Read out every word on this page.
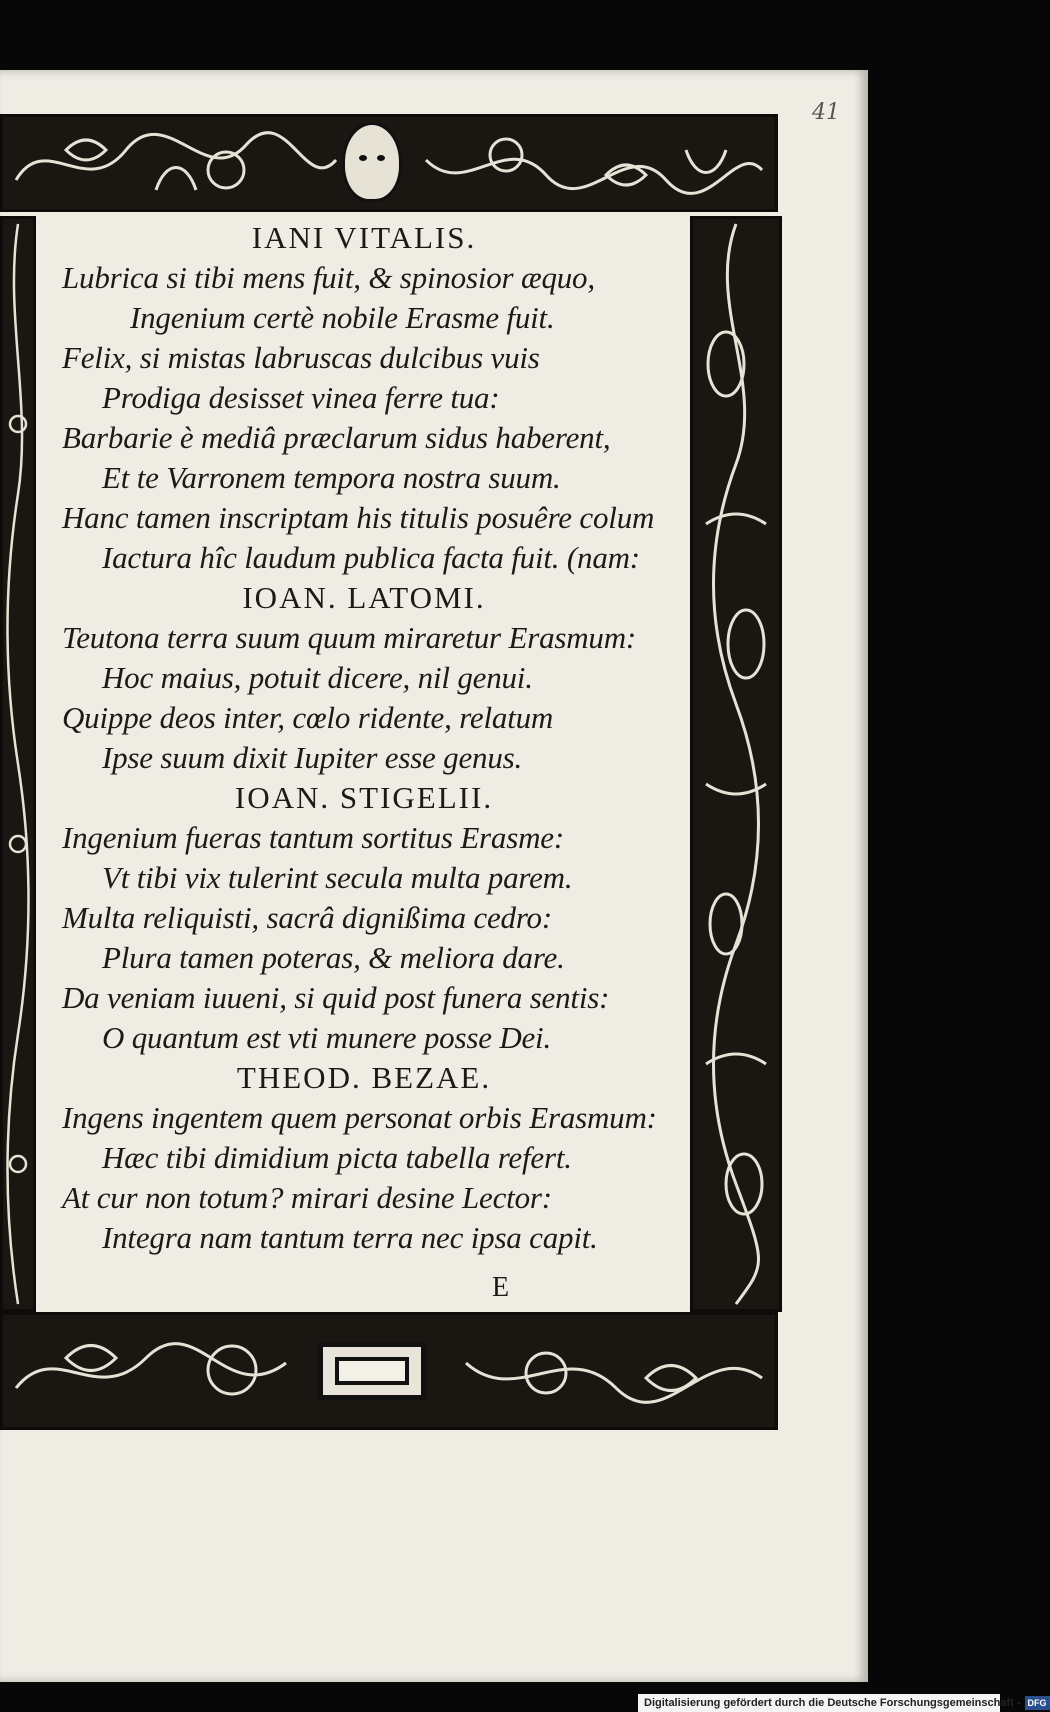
41
IANI VITALIS.
Lubrica si tibi mens fuit, & spinosior æquo,
Ingenium certè nobile Erasme fuit.
Felix, si mistas labruscas dulcibus vuis
Prodiga desisset vinea ferre tua:
Barbarie è mediâ præclarum sidus haberent,
Et te Varronem tempora nostra suum.
Hanc tamen inscriptam his titulis posuêre colum
Iactura hîc laudum publica facta fuit. (nam:
IOAN. LATOMI.
Teutona terra suum quum miraretur Erasmum:
Hoc maius, potuit dicere, nil genui.
Quippe deos inter, cœlo ridente, relatum
Ipse suum dixit Iupiter esse genus.
IOAN. STIGELII.
Ingenium fueras tantum sortitus Erasme:
Vt tibi vix tulerint secula multa parem.
Multa reliquisti, sacrâ dignißima cedro:
Plura tamen poteras, & meliora dare.
Da veniam iuueni, si quid post funera sentis:
O quantum est vti munere posse Dei.
THEOD. BEZAE.
Ingens ingentem quem personat orbis Erasmum:
Hæc tibi dimidium picta tabella refert.
At cur non totum? mirari desine Lector:
Integra nam tantum terra nec ipsa capit.
E
Digitalisierung gefördert durch die Deutsche Forschungsgemeinschaft - DFG
